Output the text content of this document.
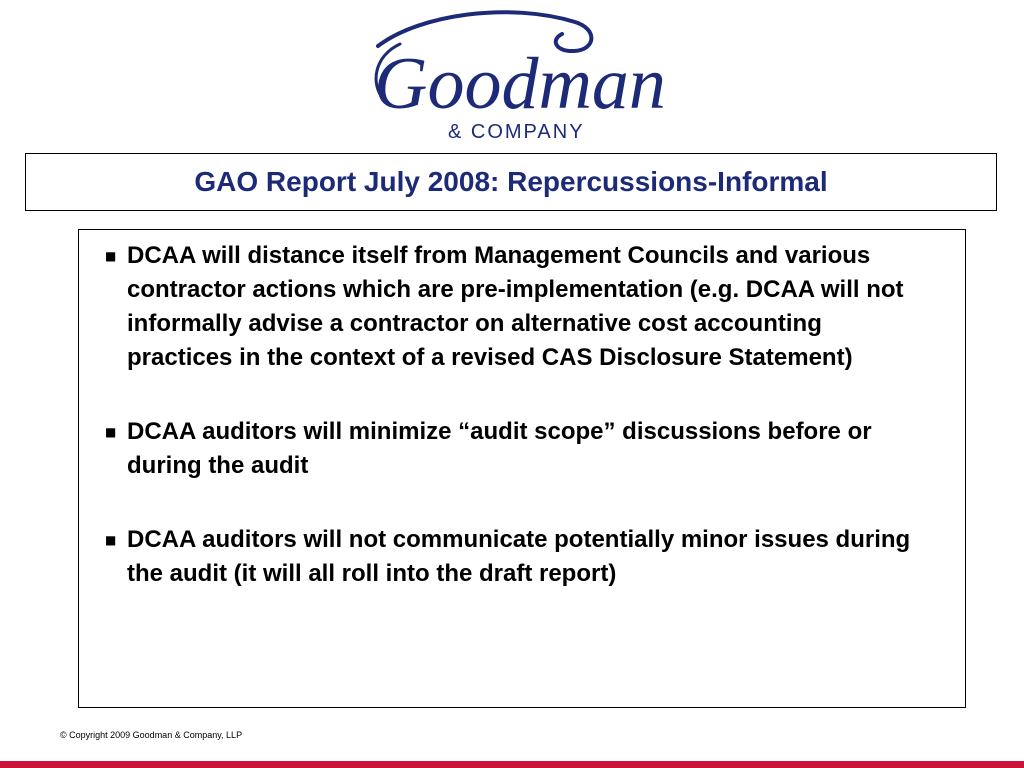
Goodman
& COMPANY
GAO Report July 2008: Repercussions-Informal
■ DCAA will distance itself from Management Councils and various contractor actions which are pre-implementation (e.g. DCAA will not informally advise a contractor on alternative cost accounting practices in the context of a revised CAS Disclosure Statement)
■ DCAA auditors will minimize “audit scope” discussions before or during the audit
■ DCAA auditors will not communicate potentially minor issues during the audit (it will all roll into the draft report)
© Copyright 2009 Goodman & Company, LLP
